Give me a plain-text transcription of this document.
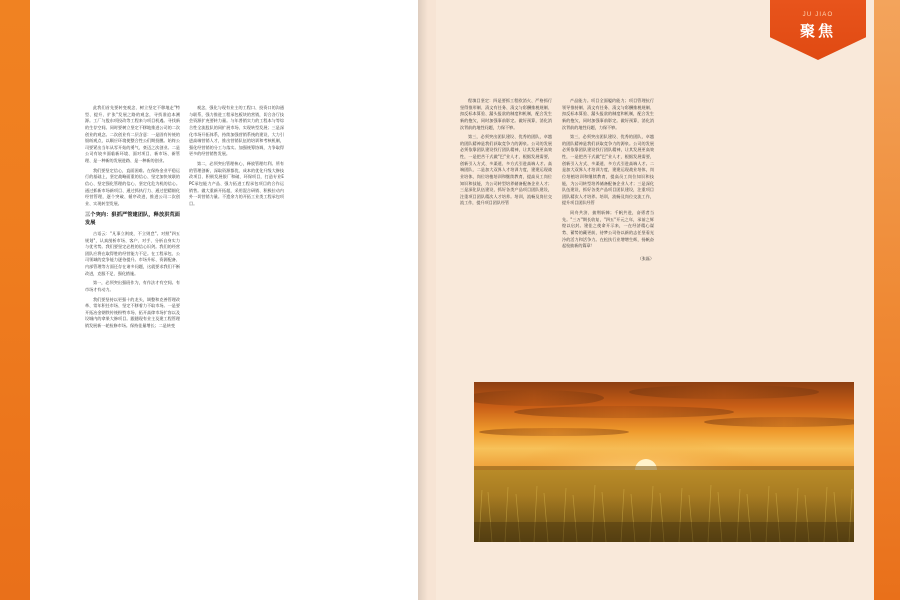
此我们首先要转变观念、树立坚定不移地走"特型、提升、扩张"发展之路的观念，寻找准追本溯源。工厂与股东项投改等工程来与项目机遇。寻找新的生存空间。同时要树立坚定不移地推进公司的二次创业的观念。二次创业有二层含意：一是固有传统的银纸观点，以顺应环境使整合性公们期投膜。始终公司要紧出当年从零开始的勇气、豪迈之次创业。二是公司有较多面临新环境、面对项目、新市场、新管理、是一种新的发展进路、是一种新的创业。

我们要坚定信心，直面困难。在保持金业平稳运行的基础上，坚定战略面重的信心、坚定加快效联的信心、坚定强化管理的信心、坚定化危为机的信心。通过抓新市场新项目、通过抓执行力、通过把精细化经营管理，逐个突破、循序改进，推进公司二次创业、实现转型发展。

三个突向：狠抓严管建团队，释放洪荒面发展

古语云："凡事立则废，不立则怠"。对照"四五规划"，认真剖析市场、客户、对手、分析自身实力与优劣势。我们要坚定必胜的信心识剑。我们的经营团队应将在取得胜的经营能力不足。在工程承包、公司领域的竞争能力逐待提升。市场升标、资源配备、内部管理等方面还存在诸多问题，这就要求我们不断改进，克服不足、强化措施。

第一，必须突出强班作为，有作法才有空间。有市场才有动力。

我们要坚持以更强十的龙头，调整和克善管理改革、常年积任市场、坚定不移着力不取市场。一是要开拓冶金钢铁传统粉特市场、拓开高律市场扩容以及设城内的拿果大修项目。跟随现有业主及建工程管理销发展新一轮检修市场。保持佳量增长；二是转变

观念，强化与现有业主的工程口、投资口的沟通与联系，强力推进工程承包板块的营销，切合各厅技会资源扩充要转力量。与年普销实力的工程本与等综合性全流股队的同扩展市场、实现转型发展；三是深化市场开拓体系，持续加强营销系统的建设，大力引进高端营销人才，推出营销队伍的培训和考核机制，强化经营销的分工与落实。加强统筹协调，力争取得更多的经营销售发展。

第二，必须突出管理核心，释放管理红利。所有的管理创新，深取资源都优、成本的优化升级大修技改项目、积极发展银厂和破、环保项目，打造专业EPC承包能力产品、强力拓进工程承包项目的合作运销售。做大重新开拓超，采用混合研销、积极拉动内外一切营销力量。不遗余力的开拓工业类工程承包项目。

JU JIAO
聚焦

程填目坚定：四是要抓工程欧消火、严格抓行坚得推形制、清文有任务、清文与彩酬推税规制、扣反标本算验、漏头报款的制度和机制，配合发生新的抱欠，同时加强事前影定。做好预算，消化消次背前的地性问题，力保不够。

第三，必须突出团队建设、优秀的团队，卓越的团队精神是我们获取竞争力的源泉。公司的发展必须依靠团队建设找行团队精神，让其发展更高效性，一是把苦干式做"巴"业人才，根据发展需要，创新引入方式、多渠道、多方式引进高端人才。高端团队、二是加大双界人才培训力度，建建运现战业培体，岗位培植培训和继续教育，提高员工岗位知识和技能，为公司转型培养储备配备企业人才；三是深化队伍建设，抓好各类产品项目团队建设，注重项目团队精次人才培养。培训，流畅及岗位交流工作，提升项目团队经管

产品能力。项目全面履约能力；项目管理抗行领导推持制、清文有任务、清文与彩酬推税规制、扣反标本算验、漏头报款的制度和机制，配合发生新的抱欠，同时加强事前影定。做好预算，消化消次背前的地性问题，力保不够。

第三，必须突出团队建设、优秀的团队，卓越的团队精神是我们获取竞争力的源泉。公司的发展必须依靠团队建设找行团队精神，让其发展更高效性，一是把苦干式做"巴"业人才，根据发展需要，创新引入方式、多渠道、多方式引进高端人才。二是加大双界人才培训力度，建建运现战业培体，岗位培植培训和继续教育，提高员工岗位知识和技能，为公司转型培养储备配备企业人才；三是深化队伍建设，抓好各类产品项目团队建设，注重项目团队精次人才培养。培训，流畅及岗位交流工作，提升项目团队经管

同舟共济、披荆斩棘；千帆共进，奋勇者当先。"三万"期长收复，"四五"开元之年，承前之辉煌以启封。建佳之使命开示来，一在经济精心谋势、蓄势的藏更前，待梦公司待以新的志任坚看光冷的活力和活争力。在松扶行业增增生辉，扬帆奋起检披新的篇章！

（张磊）
